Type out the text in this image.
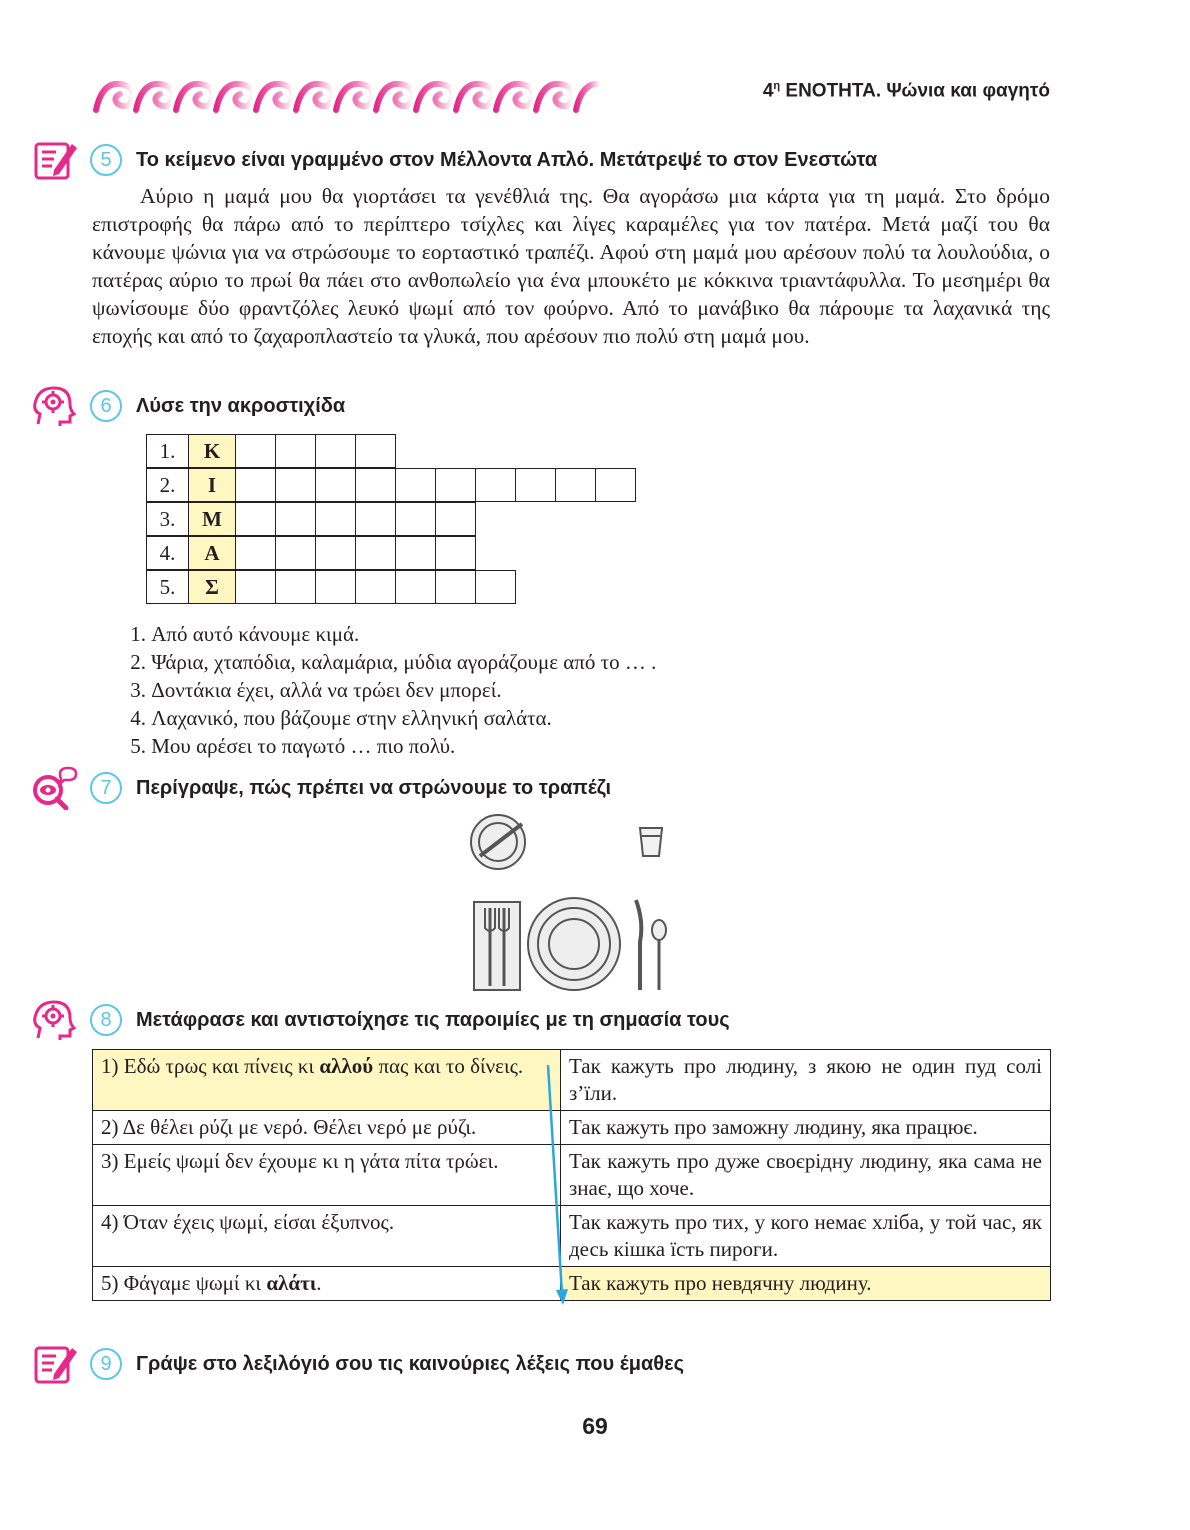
$4^\eta$ ΕΝΟΤΗΤΑ. Ψώνια και φαγητό
5	Το κείμενο είναι γραμμένο στον Μέλλοντα Απλό. Μετάτρεψέ το στον Ενεστώτα

Αύριο η μαμά μου θα γιορτάσει τα γενέθλιά της. Θα αγοράσω μια κάρτα για τη μαμά. Στο δρόμο επιστροφής θα πάρω από το περίπτερο τσίχλες και λίγες καραμέλες για τον πατέρα. Μετά μαζί του θα κάνουμε ψώνια για να στρώσουμε το εορταστικό τραπέζι. Αφού στη μαμά μου αρέσουν πολύ τα λουλούδια, ο πατέρας αύριο το πρωί θα πάει στο ανθοπωλείο για ένα μπουκέτο με κόκκινα τριαντάφυλλα. Το μεσημέρι θα ψωνίσουμε δύο φραντζόλες λευκό ψωμί από τον φούρνο. Από το μανάβικο θα πάρουμε τα λαχανικά της εποχής και από το ζαχαροπλαστείο τα γλυκά, που αρέσουν πιο πολύ στη μαμά μου.

6	Λύσε την ακροστιχίδα
1.	Κ
2.	Ι
3.	Μ
4.	Α
5.	Σ
1.
Από αυτό κάνουμε κιμά.
2.
Ψάρια, χταπόδια, καλαμάρια, μύδια αγοράζουμε από το … .
3.
Δοντάκια έχει, αλλά να τρώει δεν μπορεί.
4.
Λαχανικό, που βάζουμε στην ελληνική σαλάτα.
5.
Μου αρέσει το παγωτό … πιο πολύ.
7	Περίγραψε, πώς πρέπει να στρώνουμε το τραπέζι
8	Μετάφρασε και αντιστοίχησε τις παροιμίες με τη σημασία τους
1) Εδώ τρως και πίνεις κι αλλού πας και το δίνεις.	Так кажуть про людину, з якою не один пуд солі з’їли.
2) Δε θέλει ρύζι με νερό. Θέλει νερό με ρύζι.	Так кажуть про заможну людину, яка працює.
3) Εμείς ψωμί δεν έχουμε κι η γάτα πίτα τρώει.	Так кажуть про дуже своєрідну людину, яка сама не знає, що хоче.
4) Όταν έχεις ψωμί, είσαι έξυπνος.	Так кажуть про тих, у кого немає хліба, у той час, як десь кішка їсть пироги.
5) Φάγαμε ψωμί κι αλάτι.	Так кажуть про невдячну людину.
9	Γράψε στο λεξιλόγιό σου τις καινούριες λέξεις που έμαθες
69
